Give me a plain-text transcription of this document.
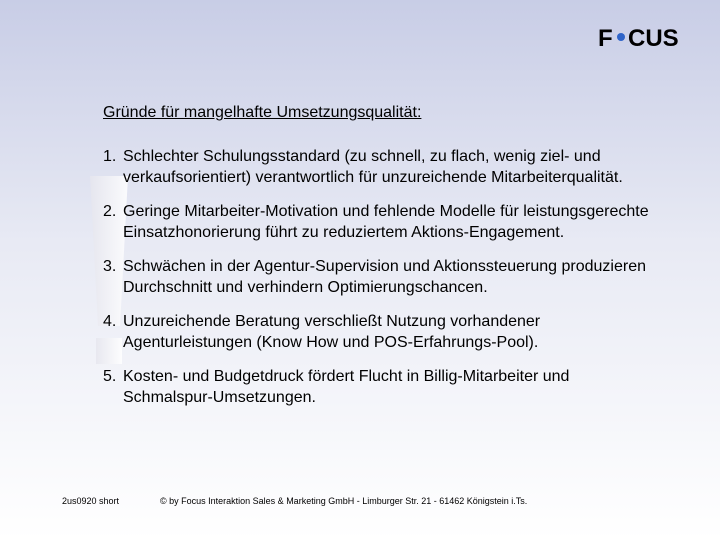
F CUS
Gründe für mangelhafte Umsetzungsqualität:
1. Schlechter Schulungsstandard (zu schnell, zu flach, wenig ziel- und verkaufsorientiert) verantwortlich für unzureichende Mitarbeiterqualität.
2. Geringe Mitarbeiter-Motivation und fehlende Modelle für leistungsgerechte Einsatzhonorierung führt zu reduziertem Aktions-Engagement.
3. Schwächen in der Agentur-Supervision und Aktionssteuerung produzieren Durchschnitt und verhindern Optimierungschancen.
4. Unzureichende Beratung verschließt Nutzung vorhandener Agenturleistungen (Know How und POS-Erfahrungs-Pool).
5. Kosten- und Budgetdruck fördert Flucht in Billig-Mitarbeiter und Schmalspur-Umsetzungen.
2us0920 short	© by Focus Interaktion Sales & Marketing GmbH - Limburger Str. 21 - 61462 Königstein i.Ts.
